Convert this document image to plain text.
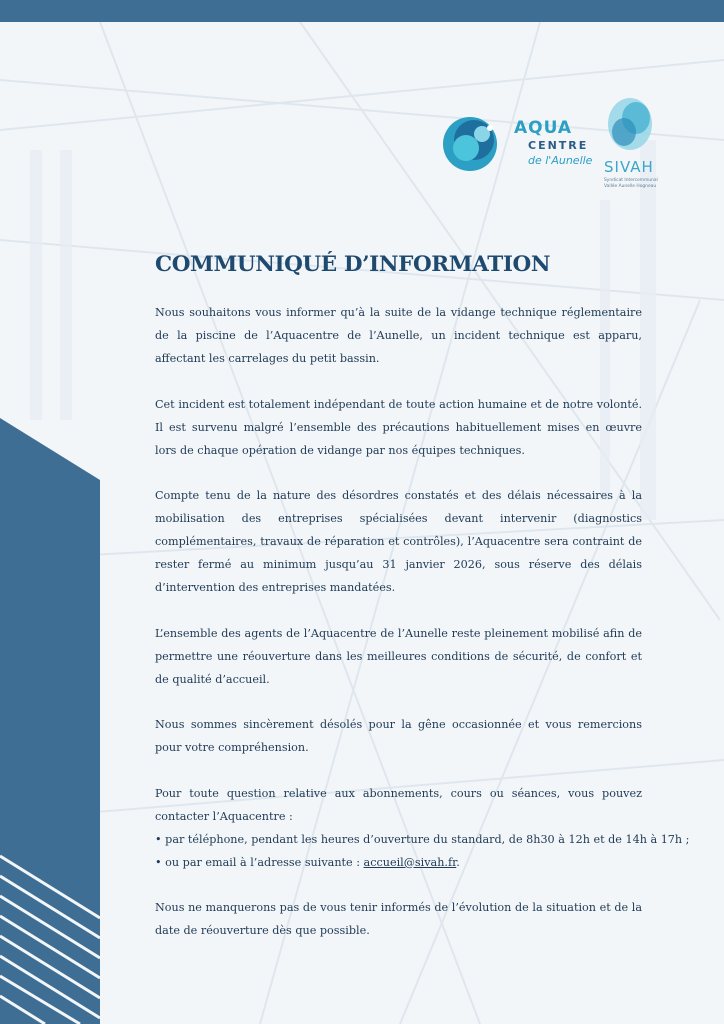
AQUA
CENTRE
de l'Aunelle SIVAH
Syndicat Intercommunal
Vallée Aunelle Hogneau
COMMUNIQUÉ D’INFORMATION

Nous souhaitons vous informer qu’à la suite de la vidange technique réglementaire de la piscine de l’Aquacentre de l’Aunelle, un incident technique est apparu, affectant les carrelages du petit bassin.

Cet incident est totalement indépendant de toute action humaine et de notre volonté. Il est survenu malgré l’ensemble des précautions habituellement mises en œuvre lors de chaque opération de vidange par nos équipes techniques.

Compte tenu de la nature des désordres constatés et des délais nécessaires à la mobilisation des entreprises spécialisées devant intervenir (diagnostics complémentaires, travaux de réparation et contrôles), l’Aquacentre sera contraint de rester fermé au minimum jusqu’au 31 janvier 2026, sous réserve des délais d’intervention des entreprises mandatées.

L’ensemble des agents de l’Aquacentre de l’Aunelle reste pleinement mobilisé afin de permettre une réouverture dans les meilleures conditions de sécurité, de confort et de qualité d’accueil.

Nous sommes sincèrement désolés pour la gêne occasionnée et vous remercions pour votre compréhension.

Pour toute question relative aux abonnements, cours ou séances, vous pouvez contacter l’Aquacentre :
• par téléphone, pendant les heures d’ouverture du standard, de 8h30 à 12h et de 14h à 17h ;
• ou par email à l’adresse suivante : accueil@sivah.fr.

Nous ne manquerons pas de vous tenir informés de l’évolution de la situation et de la date de réouverture dès que possible.
